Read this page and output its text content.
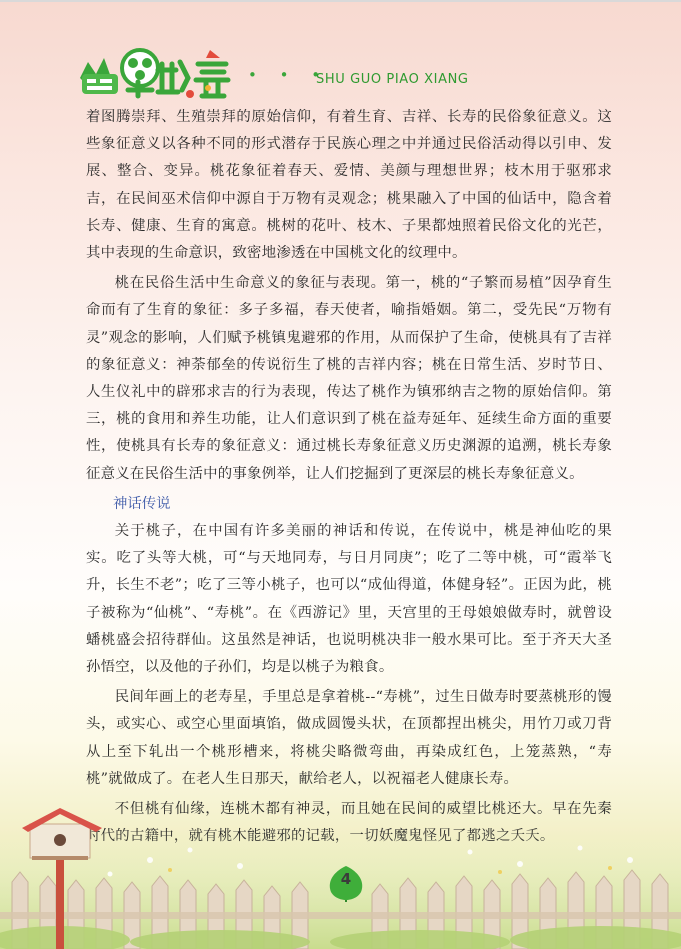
• • •
SHU GUO PIAO XIANG

着图腾崇拜、生殖崇拜的原始信仰，有着生育、吉祥、长寿的民俗象征意义。这些象征意义以各种不同的形式潜存于民族心理之中并通过民俗活动得以引申、发展、整合、变异。桃花象征着春天、爱情、美颜与理想世界；枝木用于驱邪求吉，在民间巫术信仰中源自于万物有灵观念；桃果融入了中国的仙话中，隐含着长寿、健康、生育的寓意。桃树的花叶、枝木、子果都烛照着民俗文化的光芒，其中表现的生命意识，致密地渗透在中国桃文化的纹理中。

桃在民俗生活中生命意义的象征与表现。第一，桃的“子繁而易植”因孕育生命而有了生育的象征：多子多福，春天使者，喻指婚姻。第二，受先民“万物有灵”观念的影响，人们赋予桃镇鬼避邪的作用，从而保护了生命，使桃具有了吉祥的象征意义：神荼郁垒的传说衍生了桃的吉祥内容；桃在日常生活、岁时节日、人生仪礼中的辟邪求吉的行为表现，传达了桃作为镇邪纳吉之物的原始信仰。第三，桃的食用和养生功能，让人们意识到了桃在益寿延年、延续生命方面的重要性，使桃具有长寿的象征意义：通过桃长寿象征意义历史渊源的追溯，桃长寿象征意义在民俗生活中的事象例举，让人们挖掘到了更深层的桃长寿象征意义。

神话传说

关于桃子，在中国有许多美丽的神话和传说，在传说中，桃是神仙吃的果实。吃了头等大桃，可“与天地同寿，与日月同庚”；吃了二等中桃，可“霞举飞升，长生不老”；吃了三等小桃子，也可以“成仙得道，体健身轻”。正因为此，桃子被称为“仙桃”、“寿桃”。在《西游记》里，天宫里的王母娘娘做寿时，就曾设蟠桃盛会招待群仙。这虽然是神话，也说明桃决非一般水果可比。至于齐天大圣孙悟空，以及他的子孙们，均是以桃子为粮食。

民间年画上的老寿星，手里总是拿着桃--“寿桃”，过生日做寿时要蒸桃形的馒头，或实心、或空心里面填馅，做成圆馒头状，在顶都捏出桃尖，用竹刀或刀背从上至下轧出一个桃形槽来，将桃尖略微弯曲，再染成红色，上笼蒸熟，“寿桃”就做成了。在老人生日那天，献给老人，以祝福老人健康长寿。

不但桃有仙缘，连桃木都有神灵，而且她在民间的威望比桃还大。早在先秦

4
